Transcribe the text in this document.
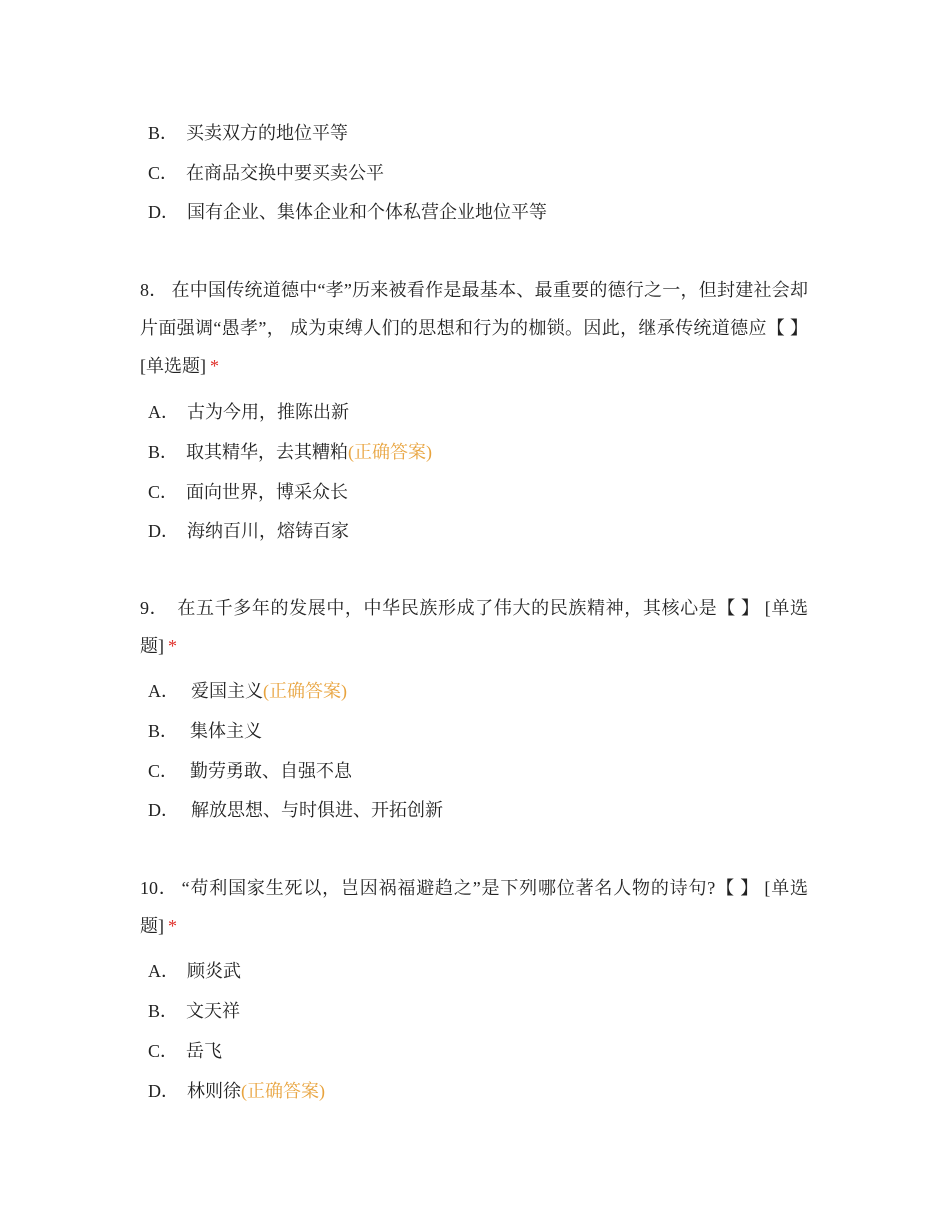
B． 买卖双方的地位平等
C． 在商品交换中要买卖公平
D． 国有企业、集体企业和个体私营企业地位平等
8． 在中国传统道德中“孝”历来被看作是最基本、最重要的德行之一，但封建社会却片面强调“愚孝”， 成为束缚人们的思想和行为的枷锁。因此，继承传统道德应【 】 [单选题] *
A． 古为今用，推陈出新
B． 取其精华，去其糟粕(正确答案)
C． 面向世界，博采众长
D． 海纳百川，熔铸百家
9． 在五千多年的发展中，中华民族形成了伟大的民族精神，其核心是【 】 [单选题] *
A． 爱国主义(正确答案)
B． 集体主义
C． 勤劳勇敢、自强不息
D． 解放思想、与时俱进、开拓创新
10． “苟利国家生死以，岂因祸福避趋之”是下列哪位著名人物的诗句?【 】 [单选题] *
A． 顾炎武
B． 文天祥
C． 岳飞
D． 林则徐(正确答案)
